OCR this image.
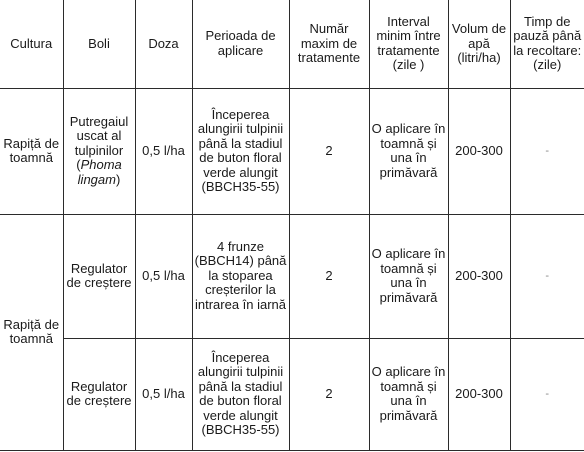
Cultura	Boli	Doza	Perioada de aplicare	Număr maxim de tratamente	Interval minim între tratamente (zile )	Volum de apă (litri/ha)	Timp de pauză până la recoltare: (zile)
Rapiță de toamnă	Putregaiul uscat al tulpinilor (Phoma lingam)	0,5 l/ha	Începerea alungirii tulpinii până la stadiul de buton floral verde alungit (BBCH35-55)	2	O aplicare în toamnă și una în primăvară	200-300	-
Rapiță de toamnă	Regulator de creștere	0,5 l/ha	4 frunze (BBCH14) până la stoparea creșterilor la intrarea în iarnă	2	O aplicare în toamnă și una în primăvară	200-300	-
	Regulator de creștere	0,5 l/ha	Începerea alungirii tulpinii până la stadiul de buton floral verde alungit (BBCH35-55)	2	O aplicare în toamnă și una în primăvară	200-300	-
